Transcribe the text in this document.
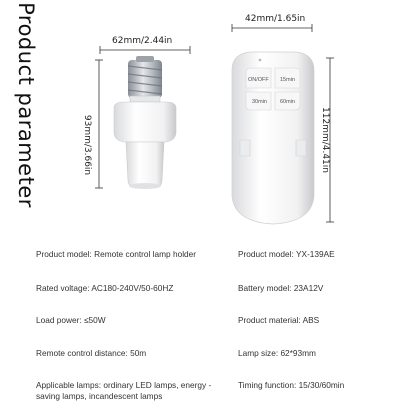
Product parameter	62mm/2.44in
93mm/3.66in
42mm/1.65in
112mm/4.41in
ON/OFF 15min
30min 60min
Product model: Remote control lamp holder
Rated voltage: AC180-240V/50-60HZ
Load power: ≤50W
Remote control distance: 50m
Applicable lamps: ordinary LED lamps, energy -saving lamps, incandescent lamps
Product model: YX-139AE
Battery model: 23A12V
Product material: ABS
Lamp size: 62*93mm
Timing function: 15/30/60min
